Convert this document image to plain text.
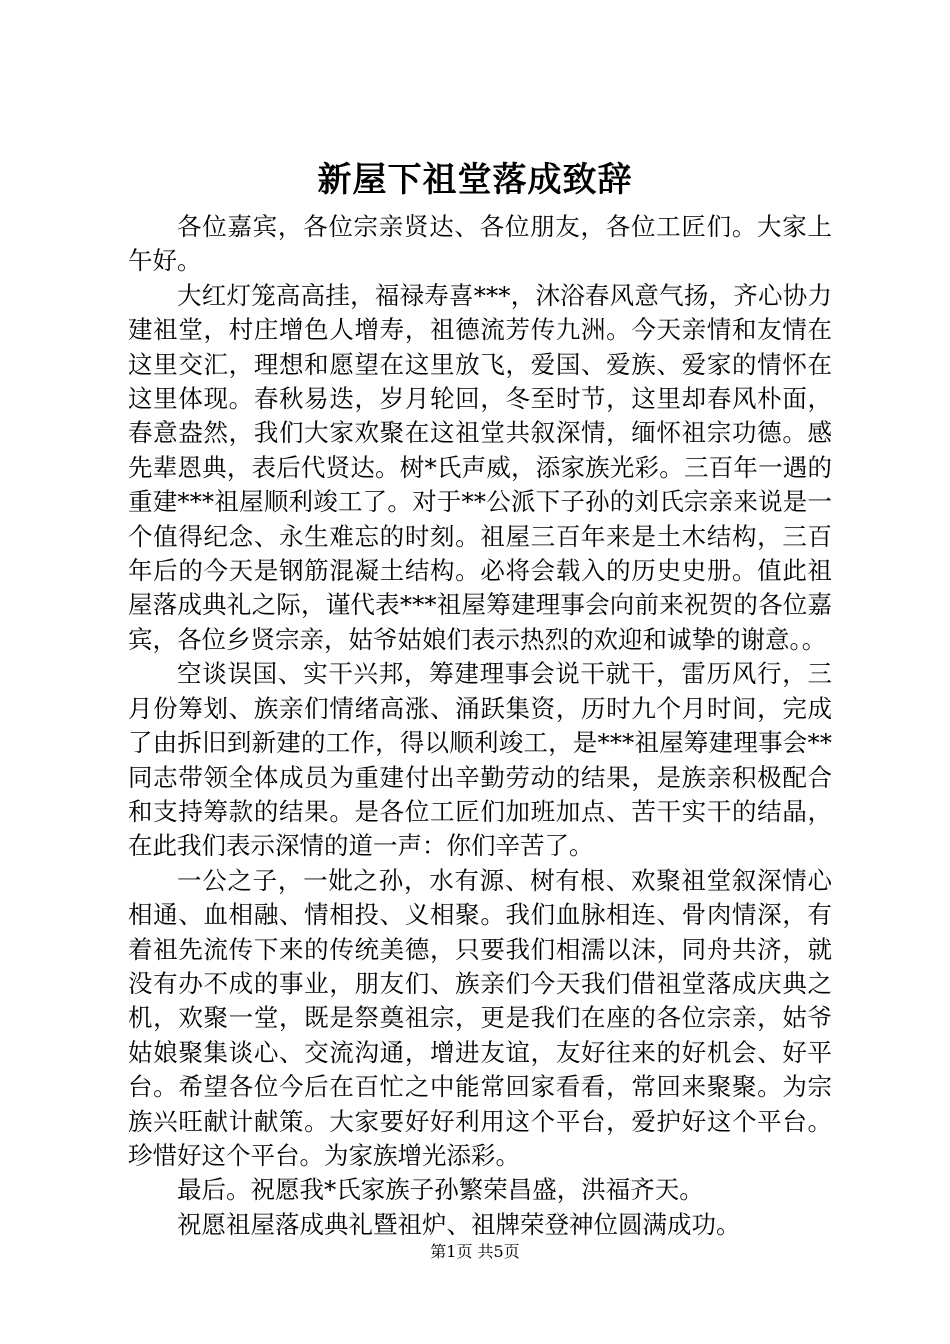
新屋下祖堂落成致辞

各位嘉宾，各位宗亲贤达、各位朋友，各位工匠们。大家上午好。

大红灯笼高高挂，福禄寿喜***，沐浴春风意气扬，齐心协力建祖堂，村庄增色人增寿，祖德流芳传九洲。今天亲情和友情在这里交汇，理想和愿望在这里放飞，爱国、爱族、爱家的情怀在这里体现。春秋易迭，岁月轮回，冬至时节，这里却春风朴面，春意盎然，我们大家欢聚在这祖堂共叙深情，缅怀祖宗功德。感先辈恩典，表后代贤达。树*氏声威，添家族光彩。三百年一遇的重建***祖屋顺利竣工了。对于**公派下子孙的刘氏宗亲来说是一个值得纪念、永生难忘的时刻。祖屋三百年来是土木结构，三百年后的今天是钢筋混凝土结构。必将会载入的历史史册。值此祖屋落成典礼之际，谨代表***祖屋筹建理事会向前来祝贺的各位嘉宾，各位乡贤宗亲，姑爷姑娘们表示热烈的欢迎和诚挚的谢意。。

空谈误国、实干兴邦，筹建理事会说干就干，雷历风行，三月份筹划、族亲们情绪高涨、涌跃集资，历时九个月时间，完成了由拆旧到新建的工作，得以顺利竣工，是***祖屋筹建理事会**同志带领全体成员为重建付出辛勤劳动的结果，是族亲积极配合和支持筹款的结果。是各位工匠们加班加点、苦干实干的结晶，在此我们表示深情的道一声：你们辛苦了。

一公之子，一妣之孙，水有源、树有根、欢聚祖堂叙深情心相通、血相融、情相投、义相聚。我们血脉相连、骨肉情深，有着祖先流传下来的传统美德，只要我们相濡以沫，同舟共济，就没有办不成的事业，朋友们、族亲们今天我们借祖堂落成庆典之机，欢聚一堂，既是祭奠祖宗，更是我们在座的各位宗亲，姑爷姑娘聚集谈心、交流沟通，增进友谊，友好往来的好机会、好平台。希望各位今后在百忙之中能常回家看看，常回来聚聚。为宗族兴旺献计献策。大家要好好利用这个平台，爱护好这个平台。珍惜好这个平台。为家族增光添彩。

最后。祝愿我*氏家族子孙繁荣昌盛，洪福齐天。

祝愿祖屋落成典礼暨祖炉、祖牌荣登神位圆满成功。

第1页 共5页
